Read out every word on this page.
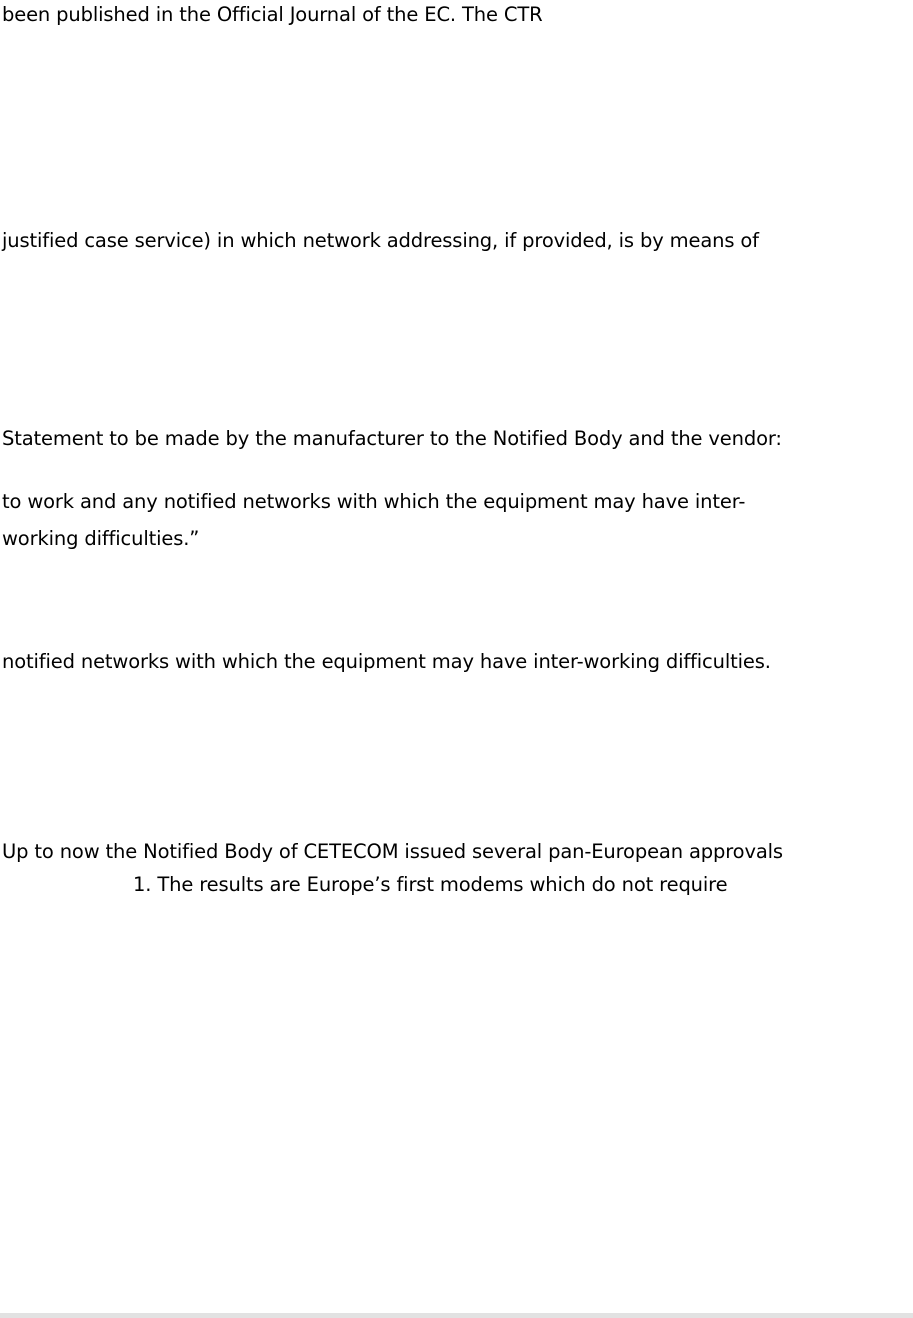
been published in the Official Journal of the EC. The CTR

justified case service) in which network addressing, if provided, is by means of

Statement to be made by the manufacturer to the Notified Body and the vendor:

to work and any notified networks with which the equipment may have inter-

working difficulties.”

notified networks with which the equipment may have inter-working difficulties.

Up to now the Notified Body of CETECOM issued several pan-European approvals

1. The results are Europe’s first modems which do not require
